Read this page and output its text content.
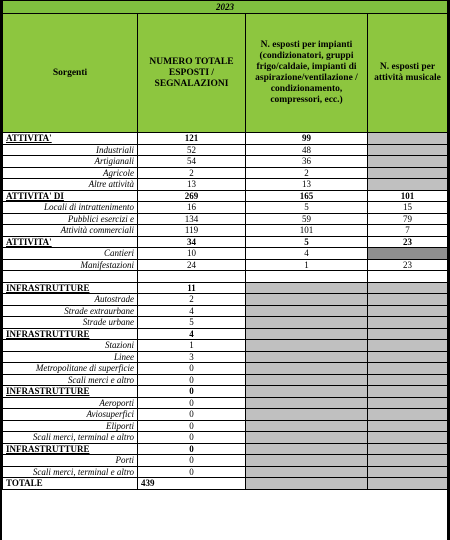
2023			
Sorgenti	NUMERO TOTALE ESPOSTI / SEGNALAZIONI	N. esposti per impianti (condizionatori, gruppi frigo/caldaie, impianti di aspirazione/ventilazione / condizionamento, compressori, ecc.)	N. esposti per attività musicale
ATTIVITA'	121	99	
Industriali	52	48	
Artigianali	54	36	
Agricole	2	2	
Altre attività	13	13	
ATTIVITA' DI	269	165	101
Locali di intrattenimento	16	5	15
Pubblici esercizi e	134	59	79
Attività commerciali	119	101	7
ATTIVITA'	34	5	23
Cantieri	10	4	
Manifestazioni	24	1	23

INFRASTRUTTURE	11		
Autostrade	2		
Strade extraurbane	4		
Strade urbane	5		
INFRASTRUTTURE	4		
Stazioni	1		
Linee	3		
Metropolitane di superficie	0		
Scali merci e altro	0		
INFRASTRUTTURE	0		
Aeroporti	0		
Aviosuperfici	0		
Eliporti	0		
Scali merci, terminal e altro	0		
INFRASTRUTTURE	0		
Porti	0		
Scali merci, terminal e altro	0		
TOTALE	439		
